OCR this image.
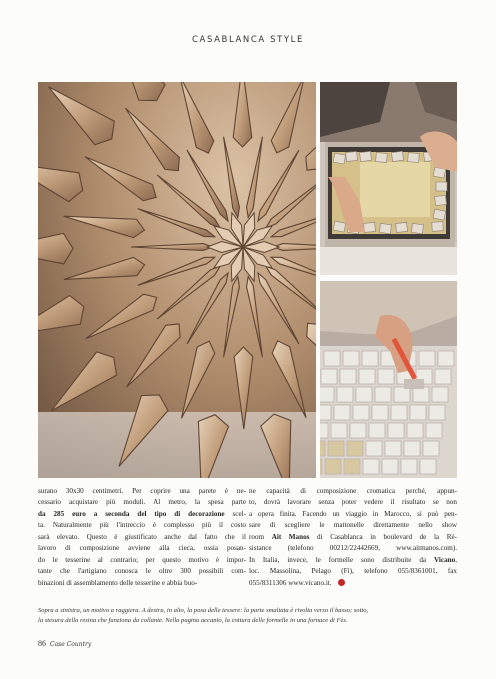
CASABLANCA STYLE
surano 30x30 centimetri. Per coprire una parete è ne-
cessario acquistare più moduli. Al metro, la spesa parte
da 285 euro a seconda del tipo di decorazione scel-
ta. Naturalmente più l'intreccio è complesso più il costo
sarà elevato. Questo è giustificato anche dal fatto che il
lavoro di composizione avviene alla cieca, ossia posan-
do le tesserine al contrario; per questo motivo è impor-
tante che l'artigiano conosca le oltre 300 possibili com-
binazioni di assemblamento delle tesserine e abbia buo-
ne capacità di composizione cromatica perché, appun-
to, dovrà lavorare senza poter vedere il risultato se non
a opera finita. Facendo un viaggio in Marocco, si può pen-
sare di scegliere le mattonelle direttamente nello show
room Ait Manos di Casablanca in boulevard de la Ré-
sistance (telefono 00212/22442669, www.aitmanos.com).
In Italia, invece, le formelle sono distribuite da Vicano,
loc. Massolina, Pelago (Fi), telefono 055/8361001, fax
055/8311306 www.vicano.it.
Sopra a sinistra, un motivo a raggiera. A destra, in alto, la posa delle tessere: la parte smaltata è rivolta verso il basso; sotto,
la stesura della resina che funziona da collante. Nella pagina accanto, la cottura delle formelle in una fornace di Fès.
86 Case Country
